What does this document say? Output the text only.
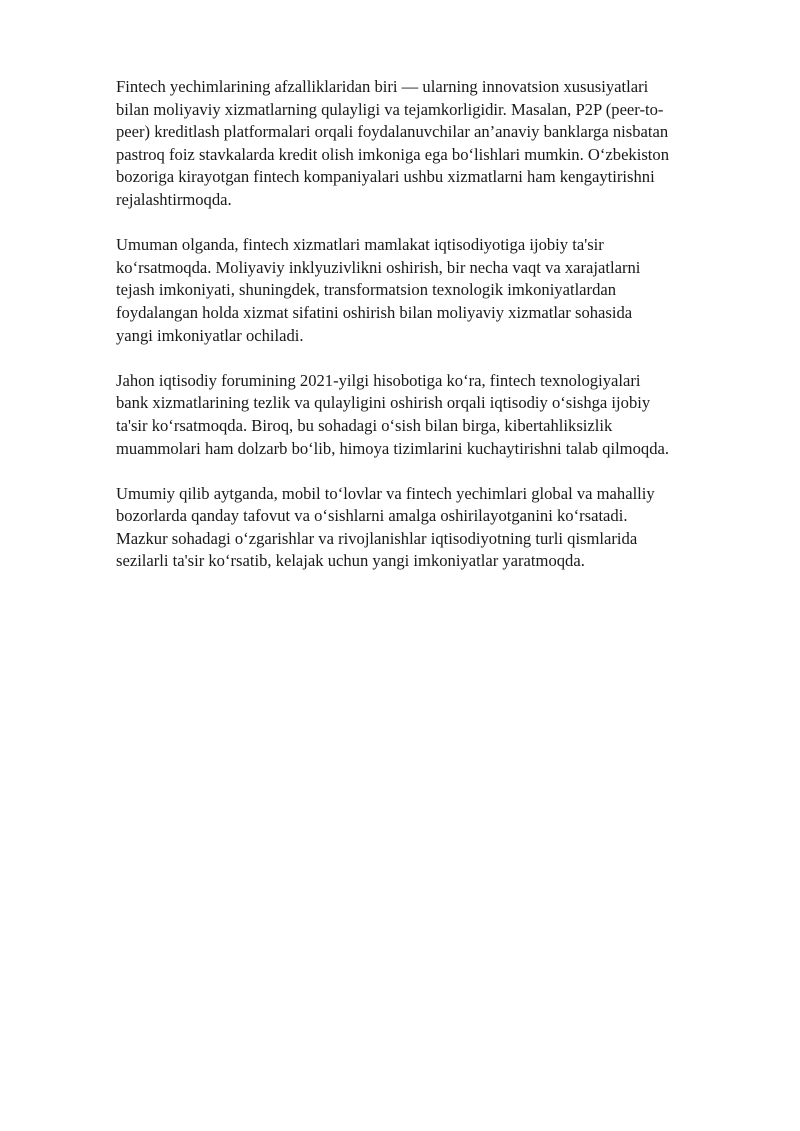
Fintech yechimlarining afzalliklaridan biri — ularning innovatsion xususiyatlari
bilan moliyaviy xizmatlarning qulayligi va tejamkorligidir. Masalan, P2P (peer-to-
peer) kreditlash platformalari orqali foydalanuvchilar an’anaviy banklarga nisbatan
pastroq foiz stavkalarda kredit olish imkoniga ega bo‘lishlari mumkin. O‘zbekiston
bozoriga kirayotgan fintech kompaniyalari ushbu xizmatlarni ham kengaytirishni
rejalashtirmoqda.

Umuman olganda, fintech xizmatlari mamlakat iqtisodiyotiga ijobiy ta'sir
ko‘rsatmoqda. Moliyaviy inklyuzivlikni oshirish, bir necha vaqt va xarajatlarni
tejash imkoniyati, shuningdek, transformatsion texnologik imkoniyatlardan
foydalangan holda xizmat sifatini oshirish bilan moliyaviy xizmatlar sohasida
yangi imkoniyatlar ochiladi.

Jahon iqtisodiy forumining 2021-yilgi hisobotiga ko‘ra, fintech texnologiyalari
bank xizmatlarining tezlik va qulayligini oshirish orqali iqtisodiy o‘sishga ijobiy
ta'sir ko‘rsatmoqda. Biroq, bu sohadagi o‘sish bilan birga, kibertahliksizlik
muammolari ham dolzarb bo‘lib, himoya tizimlarini kuchaytirishni talab qilmoqda.

Umumiy qilib aytganda, mobil to‘lovlar va fintech yechimlari global va mahalliy
bozorlarda qanday tafovut va o‘sishlarni amalga oshirilayotganini ko‘rsatadi.
Mazkur sohadagi o‘zgarishlar va rivojlanishlar iqtisodiyotning turli qismlarida
sezilarli ta'sir ko‘rsatib, kelajak uchun yangi imkoniyatlar yaratmoqda.
